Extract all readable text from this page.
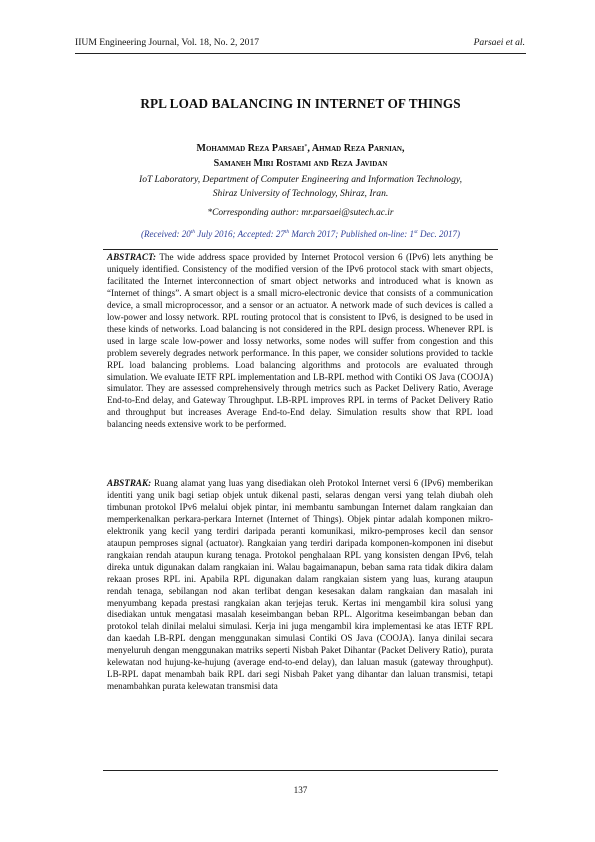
IIUM Engineering Journal, Vol. 18, No. 2, 2017	Parsaei et al.
RPL LOAD BALANCING IN INTERNET OF THINGS
Mohammad Reza Parsaei*, Ahmad Reza Parnian,
Samaneh Miri Rostami and Reza Javidan
IoT Laboratory, Department of Computer Engineering and Information Technology,
Shiraz University of Technology, Shiraz, Iran.
*Corresponding author: mr.parsaei@sutech.ac.ir
(Received: 20th July 2016; Accepted: 27th March 2017; Published on-line: 1st Dec. 2017)
ABSTRACT: The wide address space provided by Internet Protocol version 6 (IPv6) lets anything be uniquely identified. Consistency of the modified version of the IPv6 protocol stack with smart objects, facilitated the Internet interconnection of smart object networks and introduced what is known as “Internet of things”. A smart object is a small micro-electronic device that consists of a communication device, a small microprocessor, and a sensor or an actuator. A network made of such devices is called a low-power and lossy network. RPL routing protocol that is consistent to IPv6, is designed to be used in these kinds of networks. Load balancing is not considered in the RPL design process. Whenever RPL is used in large scale low-power and lossy networks, some nodes will suffer from congestion and this problem severely degrades network performance. In this paper, we consider solutions provided to tackle RPL load balancing problems. Load balancing algorithms and protocols are evaluated through simulation. We evaluate IETF RPL implementation and LB-RPL method with Contiki OS Java (COOJA) simulator. They are assessed comprehensively through metrics such as Packet Delivery Ratio, Average End-to-End delay, and Gateway Throughput. LB-RPL improves RPL in terms of Packet Delivery Ratio and throughput but increases Average End-to-End delay. Simulation results show that RPL load balancing needs extensive work to be performed.
ABSTRAK: Ruang alamat yang luas yang disediakan oleh Protokol Internet versi 6 (IPv6) memberikan identiti yang unik bagi setiap objek untuk dikenal pasti, selaras dengan versi yang telah diubah oleh timbunan protokol IPv6 melalui objek pintar, ini membantu sambungan Internet dalam rangkaian dan memperkenalkan perkara-perkara Internet (Internet of Things). Objek pintar adalah komponen mikro-elektronik yang kecil yang terdiri daripada peranti komunikasi, mikro-pemproses kecil dan sensor ataupun pemproses signal (actuator). Rangkaian yang terdiri daripada komponen-komponen ini disebut rangkaian rendah ataupun kurang tenaga. Protokol penghalaan RPL yang konsisten dengan IPv6, telah direka untuk digunakan dalam rangkaian ini. Walau bagaimanapun, beban sama rata tidak dikira dalam rekaan proses RPL ini. Apabila RPL digunakan dalam rangkaian sistem yang luas, kurang ataupun rendah tenaga, sebilangan nod akan terlibat dengan kesesakan dalam rangkaian dan masalah ini menyumbang kepada prestasi rangkaian akan terjejas teruk. Kertas ini mengambil kira solusi yang disediakan untuk mengatasi masalah keseimbangan beban RPL. Algoritma keseimbangan beban dan protokol telah dinilai melalui simulasi. Kerja ini juga mengambil kira implementasi ke atas IETF RPL dan kaedah LB-RPL dengan menggunakan simulasi Contiki OS Java (COOJA). Ianya dinilai secara menyeluruh dengan menggunakan matriks seperti Nisbah Paket Dihantar (Packet Delivery Ratio), purata kelewatan nod hujung-ke-hujung (average end-to-end delay), dan laluan masuk (gateway throughput). LB-RPL dapat menambah baik RPL dari segi Nisbah Paket yang dihantar dan laluan transmisi, tetapi menambahkan purata kelewatan transmisi data
137
